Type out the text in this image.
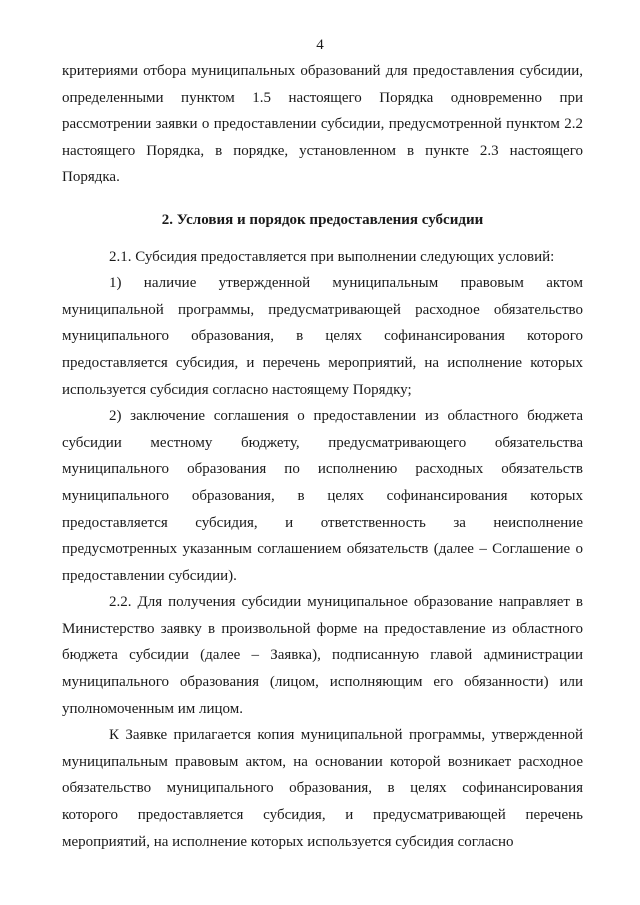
4

критериями отбора муниципальных образований для предоставления субсидии, определенными пунктом 1.5 настоящего Порядка одновременно при рассмотрении заявки о предоставлении субсидии, предусмотренной пунктом 2.2 настоящего Порядка, в порядке, установленном в пункте 2.3 настоящего Порядка.

2. Условия и порядок предоставления субсидии

2.1. Субсидия предоставляется при выполнении следующих условий:

1) наличие утвержденной муниципальным правовым актом муниципальной программы, предусматривающей расходное обязательство муниципального образования, в целях софинансирования которого предоставляется субсидия, и перечень мероприятий, на исполнение которых используется субсидия согласно настоящему Порядку;

2) заключение соглашения о предоставлении из областного бюджета субсидии местному бюджету, предусматривающего обязательства муниципального образования по исполнению расходных обязательств муниципального образования, в целях софинансирования которых предоставляется субсидия, и ответственность за неисполнение предусмотренных указанным соглашением обязательств (далее – Соглашение о предоставлении субсидии).

2.2. Для получения субсидии муниципальное образование направляет в Министерство заявку в произвольной форме на предоставление из областного бюджета субсидии (далее – Заявка), подписанную главой администрации муниципального образования (лицом, исполняющим его обязанности) или уполномоченным им лицом.

К Заявке прилагается копия муниципальной программы, утвержденной муниципальным правовым актом, на основании которой возникает расходное обязательство муниципального образования, в целях софинансирования которого предоставляется субсидия, и предусматривающей перечень мероприятий, на исполнение которых используется субсидия согласно
